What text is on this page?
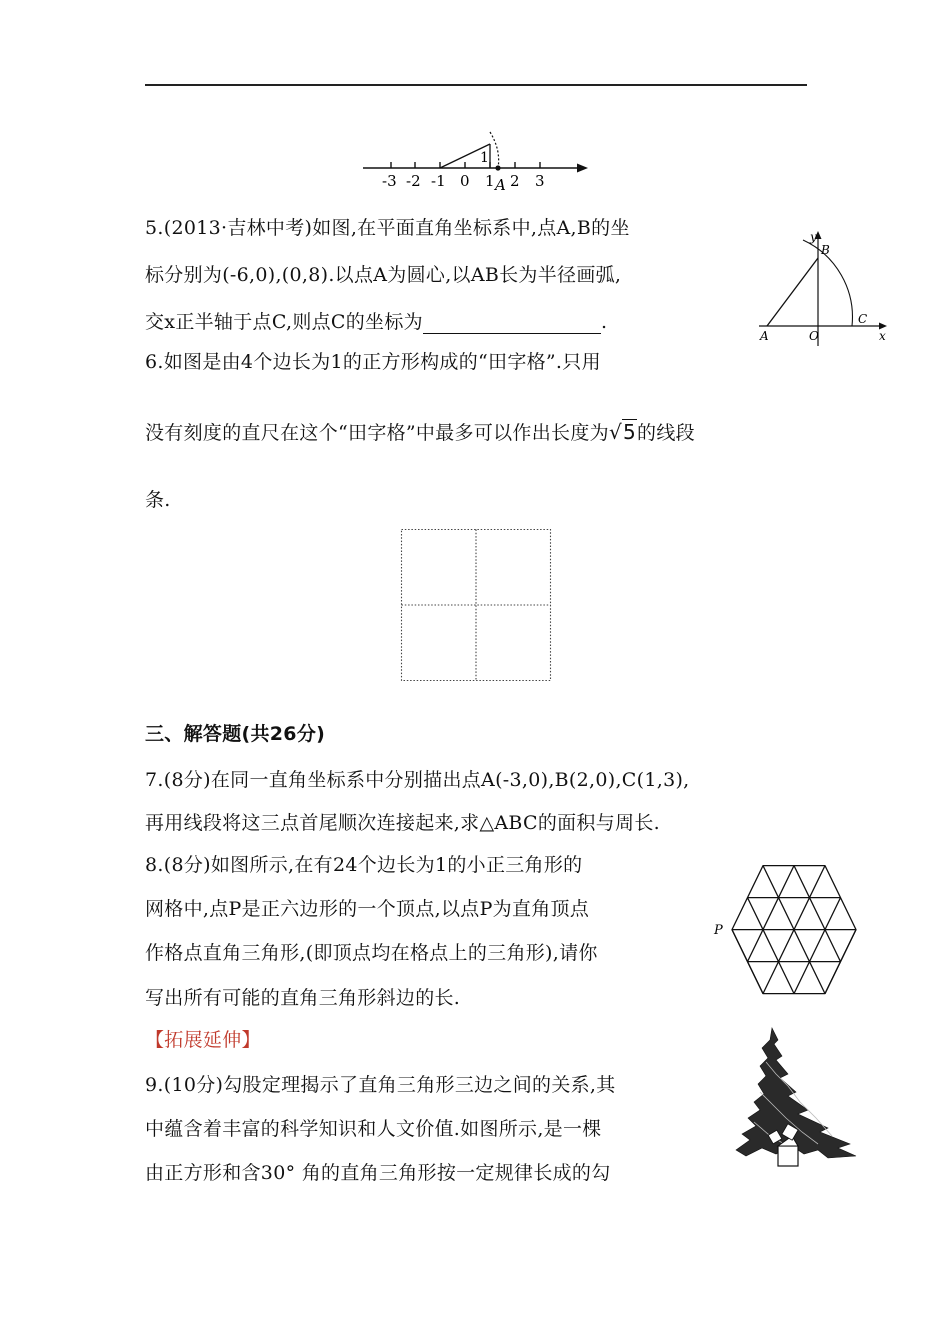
1
-3 -2 -1 0 1 2 3
A
5.(2013·吉林中考)如图,在平面直角坐标系中,点A,B的坐
标分别为(-6,0),(0,8).以点A为圆心,以AB长为半径画弧,
交x正半轴于点C,则点C的坐标为	.
y
x
B
C
A	O
6.如图是由4个边长为1的正方形构成的“田字格”.只用
没有刻度的直尺在这个“田字格”中最多可以作出长度为√5的线段
条.
三、解答题(共26分)
7.(8分)在同一直角坐标系中分别描出点A(-3,0),B(2,0),C(1,3),
再用线段将这三点首尾顺次连接起来,求△ABC的面积与周长.
8.(8分)如图所示,在有24个边长为1的小正三角形的
网格中,点P是正六边形的一个顶点,以点P为直角顶点
作格点直角三角形,(即顶点均在格点上的三角形),请你
写出所有可能的直角三角形斜边的长.
P
【拓展延伸】
9.(10分)勾股定理揭示了直角三角形三边之间的关系,其
中蕴含着丰富的科学知识和人文价值.如图所示,是一棵
由正方形和含30° 角的直角三角形按一定规律长成的勾
